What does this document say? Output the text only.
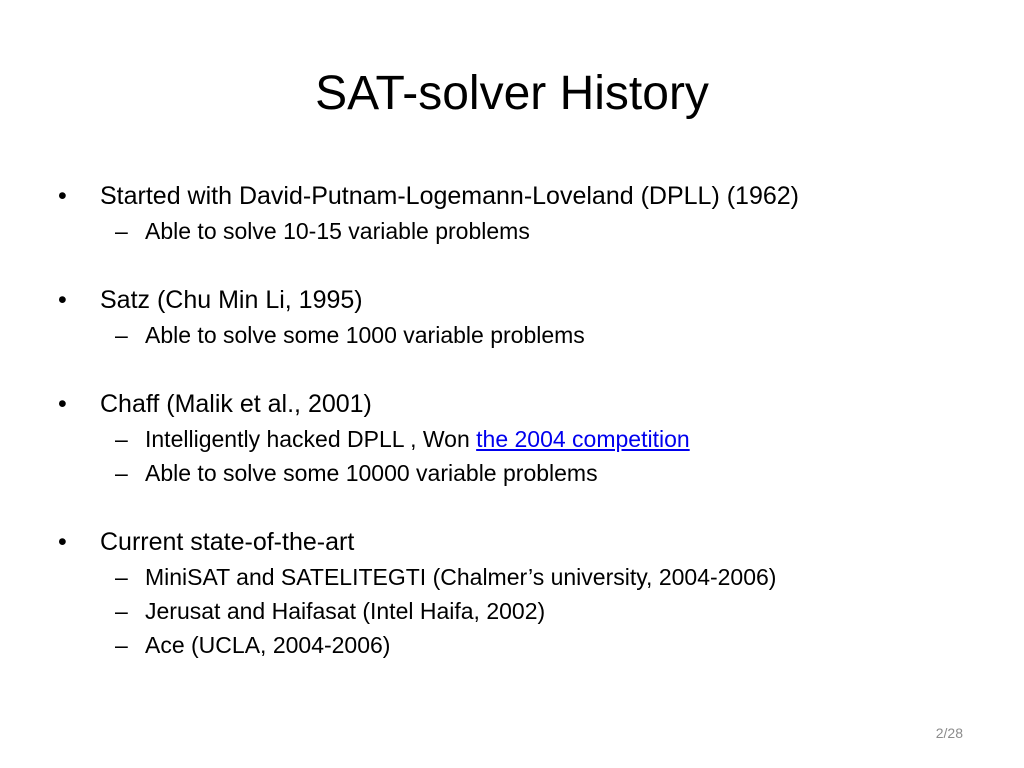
SAT-solver History
•	Started with David-Putnam-Logemann-Loveland (DPLL) (1962)
– Able to solve 10-15 variable problems
•	Satz (Chu Min Li, 1995)
– Able to solve some 1000 variable problems
•	Chaff (Malik et al., 2001)
– Intelligently hacked DPLL , Won the 2004 competition
– Able to solve some 10000 variable problems
•	Current state-of-the-art
– MiniSAT and SATELITEGTI (Chalmer’s university, 2004-2006)
– Jerusat and Haifasat (Intel Haifa, 2002)
– Ace (UCLA, 2004-2006)
2/28
